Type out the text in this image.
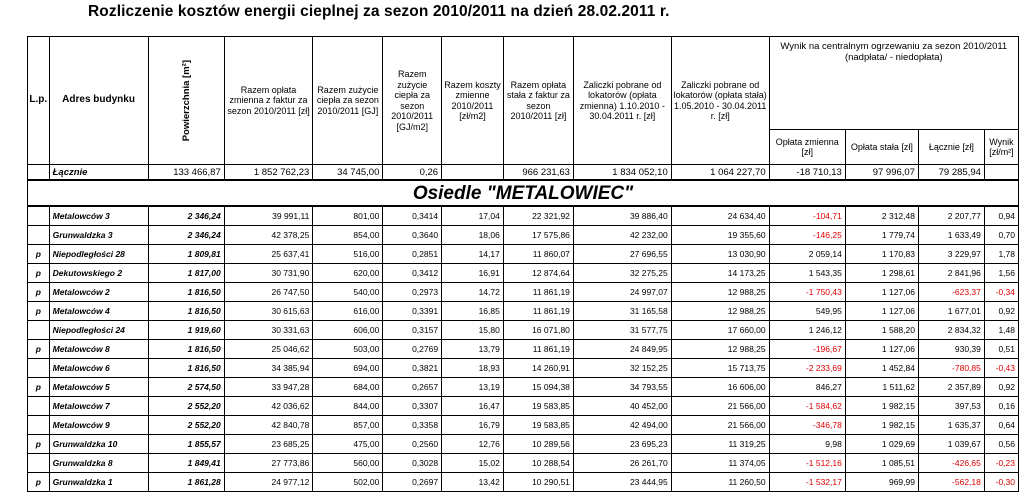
Rozliczenie kosztów energii cieplnej za sezon 2010/2011 na dzień 28.02.2011 r.
L.p.	Adres budynku	Powierzchnia [m²]	Razem opłata zmienna z faktur za sezon 2010/2011 [zł]	Razem zużycie ciepła za sezon 2010/2011 [GJ]	Razem zużycie ciepła za sezon 2010/2011 [GJ/m2]	Razem koszty zmienne 2010/2011 [zł/m2]	Razem opłata stała z faktur za sezon 2010/2011 [zł]	Zaliczki pobrane od lokatorów (opłata zmienna) 1.10.2010 - 30.04.2011 r. [zł]	Zaliczki pobrane od lokatorów (opłata stała) 1.05.2010 - 30.04.2011 r. [zł]	Wynik na centralnym ogrzewaniu za sezon 2010/2011 (nadpłata/ - niedopłata)			
										Opłata zmienna [zł]	Opłata stała [zł]	Łącznie [zł]	Wynik [zł/m²]
	Łącznie	133 466,87	1 852 762,23	34 745,00	0,26		966 231,63	1 834 052,10	1 064 227,70	-18 710,13	97 996,07	79 285,94	
Osiedle "METALOWIEC"													
	Metalowców 3	2 346,24	39 991,11	801,00	0,3414	17,04	22 321,92	39 886,40	24 634,40	-104,71	2 312,48	2 207,77	0,94
	Grunwaldzka 3	2 346,24	42 378,25	854,00	0,3640	18,06	17 575,86	42 232,00	19 355,60	-146,25	1 779,74	1 633,49	0,70
p	Niepodległości 28	1 809,81	25 637,41	516,00	0,2851	14,17	11 860,07	27 696,55	13 030,90	2 059,14	1 170,83	3 229,97	1,78
p	Dekutowskiego 2	1 817,00	30 731,90	620,00	0,3412	16,91	12 874,64	32 275,25	14 173,25	1 543,35	1 298,61	2 841,96	1,56
p	Metalowców 2	1 816,50	26 747,50	540,00	0,2973	14,72	11 861,19	24 997,07	12 988,25	-1 750,43	1 127,06	-623,37	-0,34
p	Metalowców 4	1 816,50	30 615,63	616,00	0,3391	16,85	11 861,19	31 165,58	12 988,25	549,95	1 127,06	1 677,01	0,92
	Niepodległości 24	1 919,60	30 331,63	606,00	0,3157	15,80	16 071,80	31 577,75	17 660,00	1 246,12	1 588,20	2 834,32	1,48
p	Metalowców 8	1 816,50	25 046,62	503,00	0,2769	13,79	11 861,19	24 849,95	12 988,25	-196,67	1 127,06	930,39	0,51
	Metalowców 6	1 816,50	34 385,94	694,00	0,3821	18,93	14 260,91	32 152,25	15 713,75	-2 233,69	1 452,84	-780,85	-0,43
p	Metalowców 5	2 574,50	33 947,28	684,00	0,2657	13,19	15 094,38	34 793,55	16 606,00	846,27	1 511,62	2 357,89	0,92
	Metalowców 7	2 552,20	42 036,62	844,00	0,3307	16,47	19 583,85	40 452,00	21 566,00	-1 584,62	1 982,15	397,53	0,16
	Metalowców 9	2 552,20	42 840,78	857,00	0,3358	16,79	19 583,85	42 494,00	21 566,00	-346,78	1 982,15	1 635,37	0,64
p	Grunwaldzka 10	1 855,57	23 685,25	475,00	0,2560	12,76	10 289,56	23 695,23	11 319,25	9,98	1 029,69	1 039,67	0,56
	Grunwaldzka 8	1 849,41	27 773,86	560,00	0,3028	15,02	10 288,54	26 261,70	11 374,05	-1 512,16	1 085,51	-426,65	-0,23
p	Grunwaldzka 1	1 861,28	24 977,12	502,00	0,2697	13,42	10 290,51	23 444,95	11 260,50	-1 532,17	969,99	-562,18	-0,30
